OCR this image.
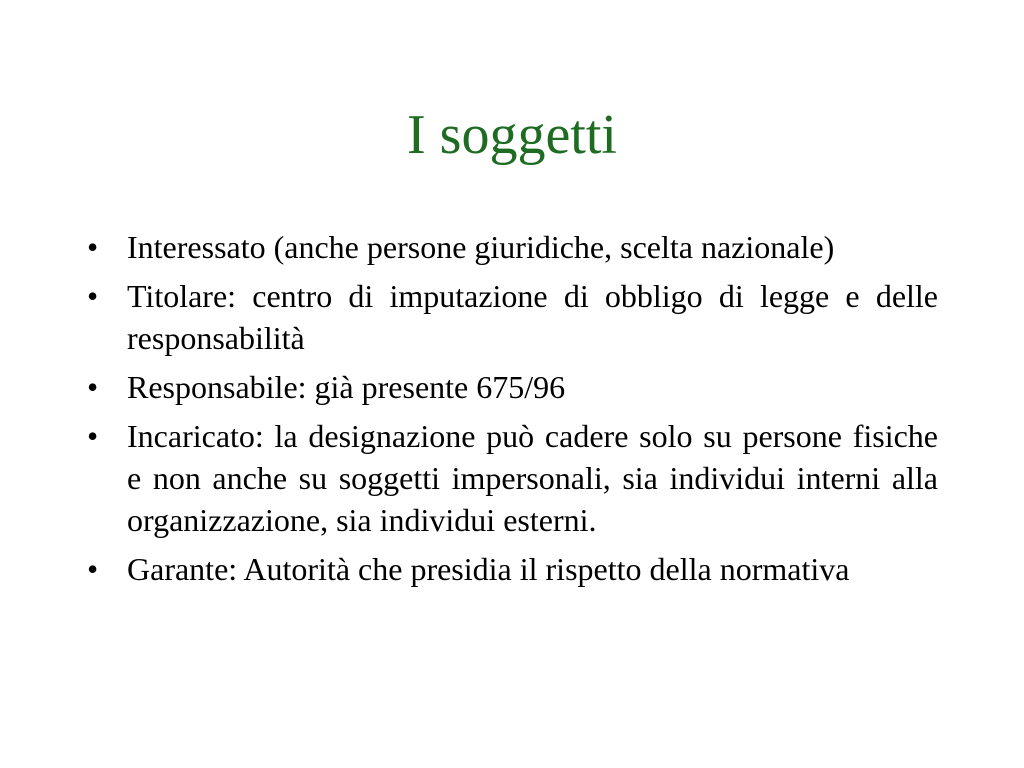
I soggetti
• Interessato (anche persone giuridiche, scelta nazionale)
• Titolare: centro di imputazione di obbligo di legge e delle responsabilità
• Responsabile: già presente 675/96
• Incaricato: la designazione può cadere solo su persone fisiche e non anche su soggetti impersonali, sia individui interni alla organizzazione, sia individui esterni.
• Garante: Autorità che presidia il rispetto della normativa
